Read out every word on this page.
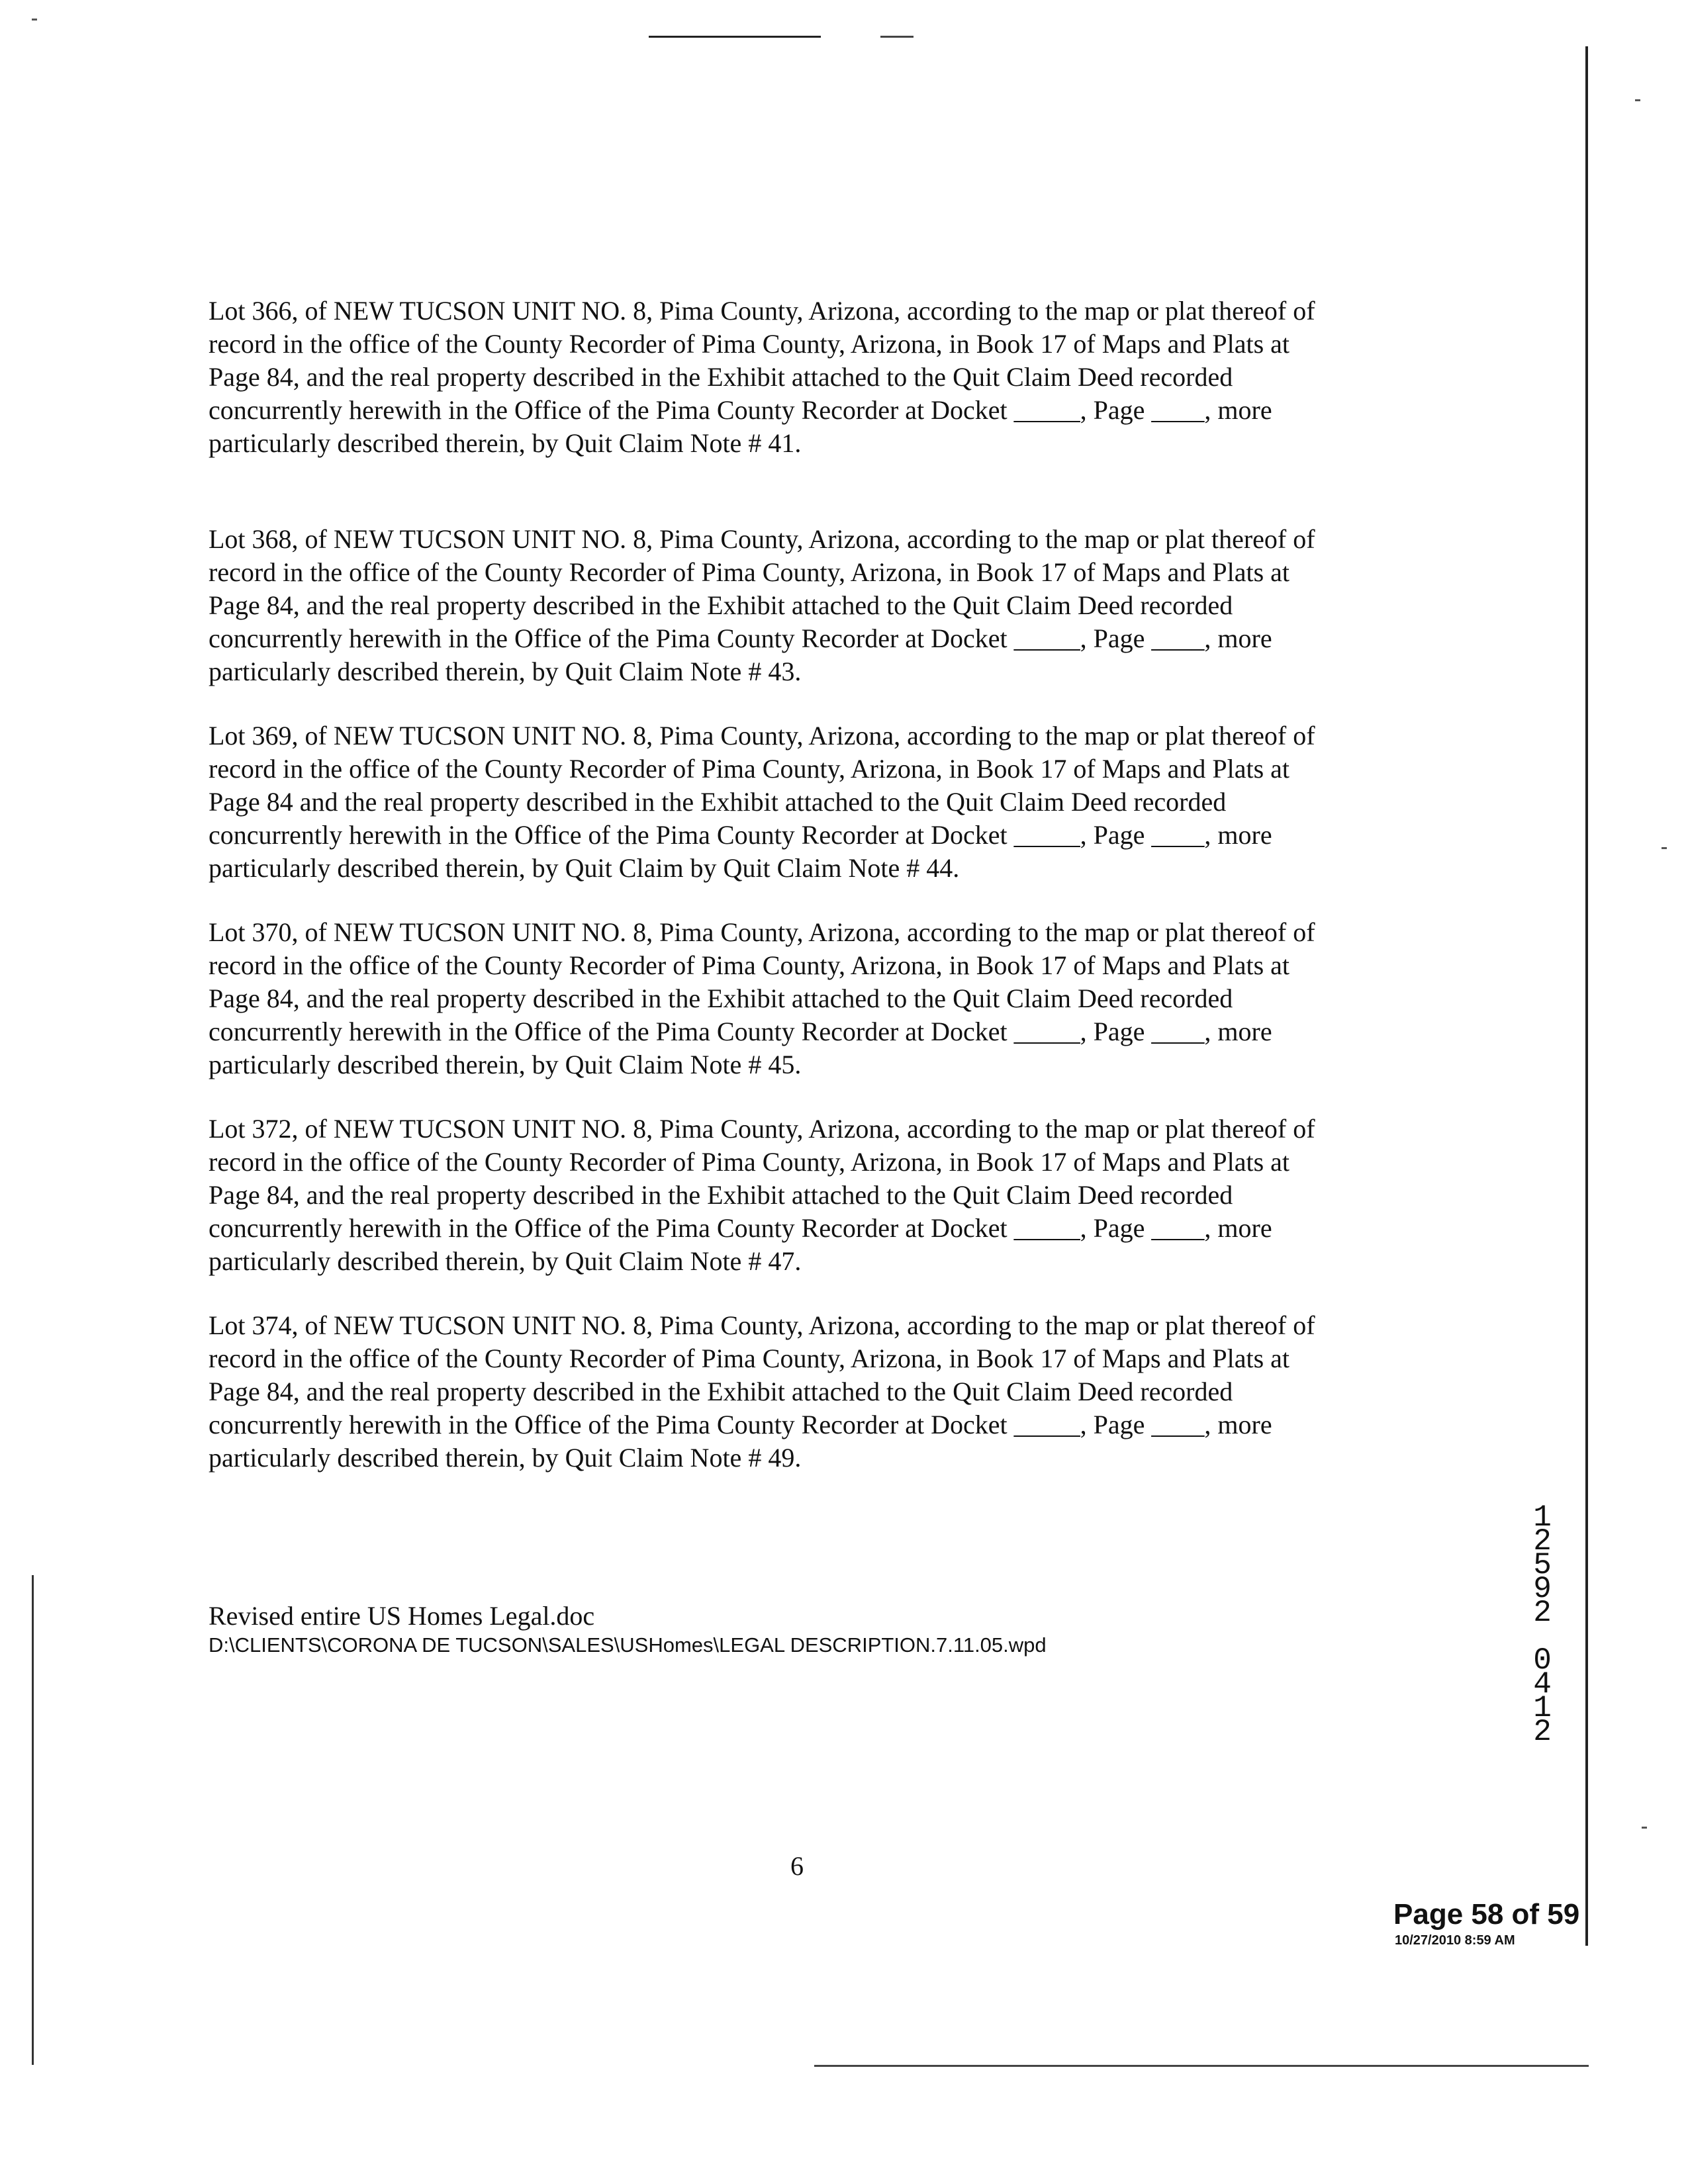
Lot 366, of NEW TUCSON UNIT NO. 8, Pima County, Arizona, according to the map or plat thereof of
record in the office of the County Recorder of Pima County, Arizona, in Book 17 of Maps and Plats at
Page 84, and the real property described in the Exhibit attached to the Quit Claim Deed recorded
concurrently herewith in the Office of the Pima County Recorder at Docket _____, Page ____, more
particularly described therein, by Quit Claim Note # 41.

Lot 368, of NEW TUCSON UNIT NO. 8, Pima County, Arizona, according to the map or plat thereof of
record in the office of the County Recorder of Pima County, Arizona, in Book 17 of Maps and Plats at
Page 84, and the real property described in the Exhibit attached to the Quit Claim Deed recorded
concurrently herewith in the Office of the Pima County Recorder at Docket _____, Page ____, more
particularly described therein, by Quit Claim Note # 43.

Lot 369, of NEW TUCSON UNIT NO. 8, Pima County, Arizona, according to the map or plat thereof of
record in the office of the County Recorder of Pima County, Arizona, in Book 17 of Maps and Plats at
Page 84 and the real property described in the Exhibit attached to the Quit Claim Deed recorded
concurrently herewith in the Office of the Pima County Recorder at Docket _____, Page ____, more
particularly described therein, by Quit Claim by Quit Claim Note # 44.

Lot 370, of NEW TUCSON UNIT NO. 8, Pima County, Arizona, according to the map or plat thereof of
record in the office of the County Recorder of Pima County, Arizona, in Book 17 of Maps and Plats at
Page 84, and the real property described in the Exhibit attached to the Quit Claim Deed recorded
concurrently herewith in the Office of the Pima County Recorder at Docket _____, Page ____, more
particularly described therein, by Quit Claim Note # 45.

Lot 372, of NEW TUCSON UNIT NO. 8, Pima County, Arizona, according to the map or plat thereof of
record in the office of the County Recorder of Pima County, Arizona, in Book 17 of Maps and Plats at
Page 84, and the real property described in the Exhibit attached to the Quit Claim Deed recorded
concurrently herewith in the Office of the Pima County Recorder at Docket _____, Page ____, more
particularly described therein, by Quit Claim Note # 47.

Lot 374, of NEW TUCSON UNIT NO. 8, Pima County, Arizona, according to the map or plat thereof of
record in the office of the County Recorder of Pima County, Arizona, in Book 17 of Maps and Plats at
Page 84, and the real property described in the Exhibit attached to the Quit Claim Deed recorded
concurrently herewith in the Office of the Pima County Recorder at Docket _____, Page ____, more
particularly described therein, by Quit Claim Note # 49.

Revised entire US Homes Legal.doc

D:\CLIENTS\CORONA DE TUCSON\SALES\USHomes\LEGAL DESCRIPTION.7.11.05.wpd

6

1
2
5
9
2

0
4
1
2

Page 58 of 59

10/27/2010 8:59 AM
